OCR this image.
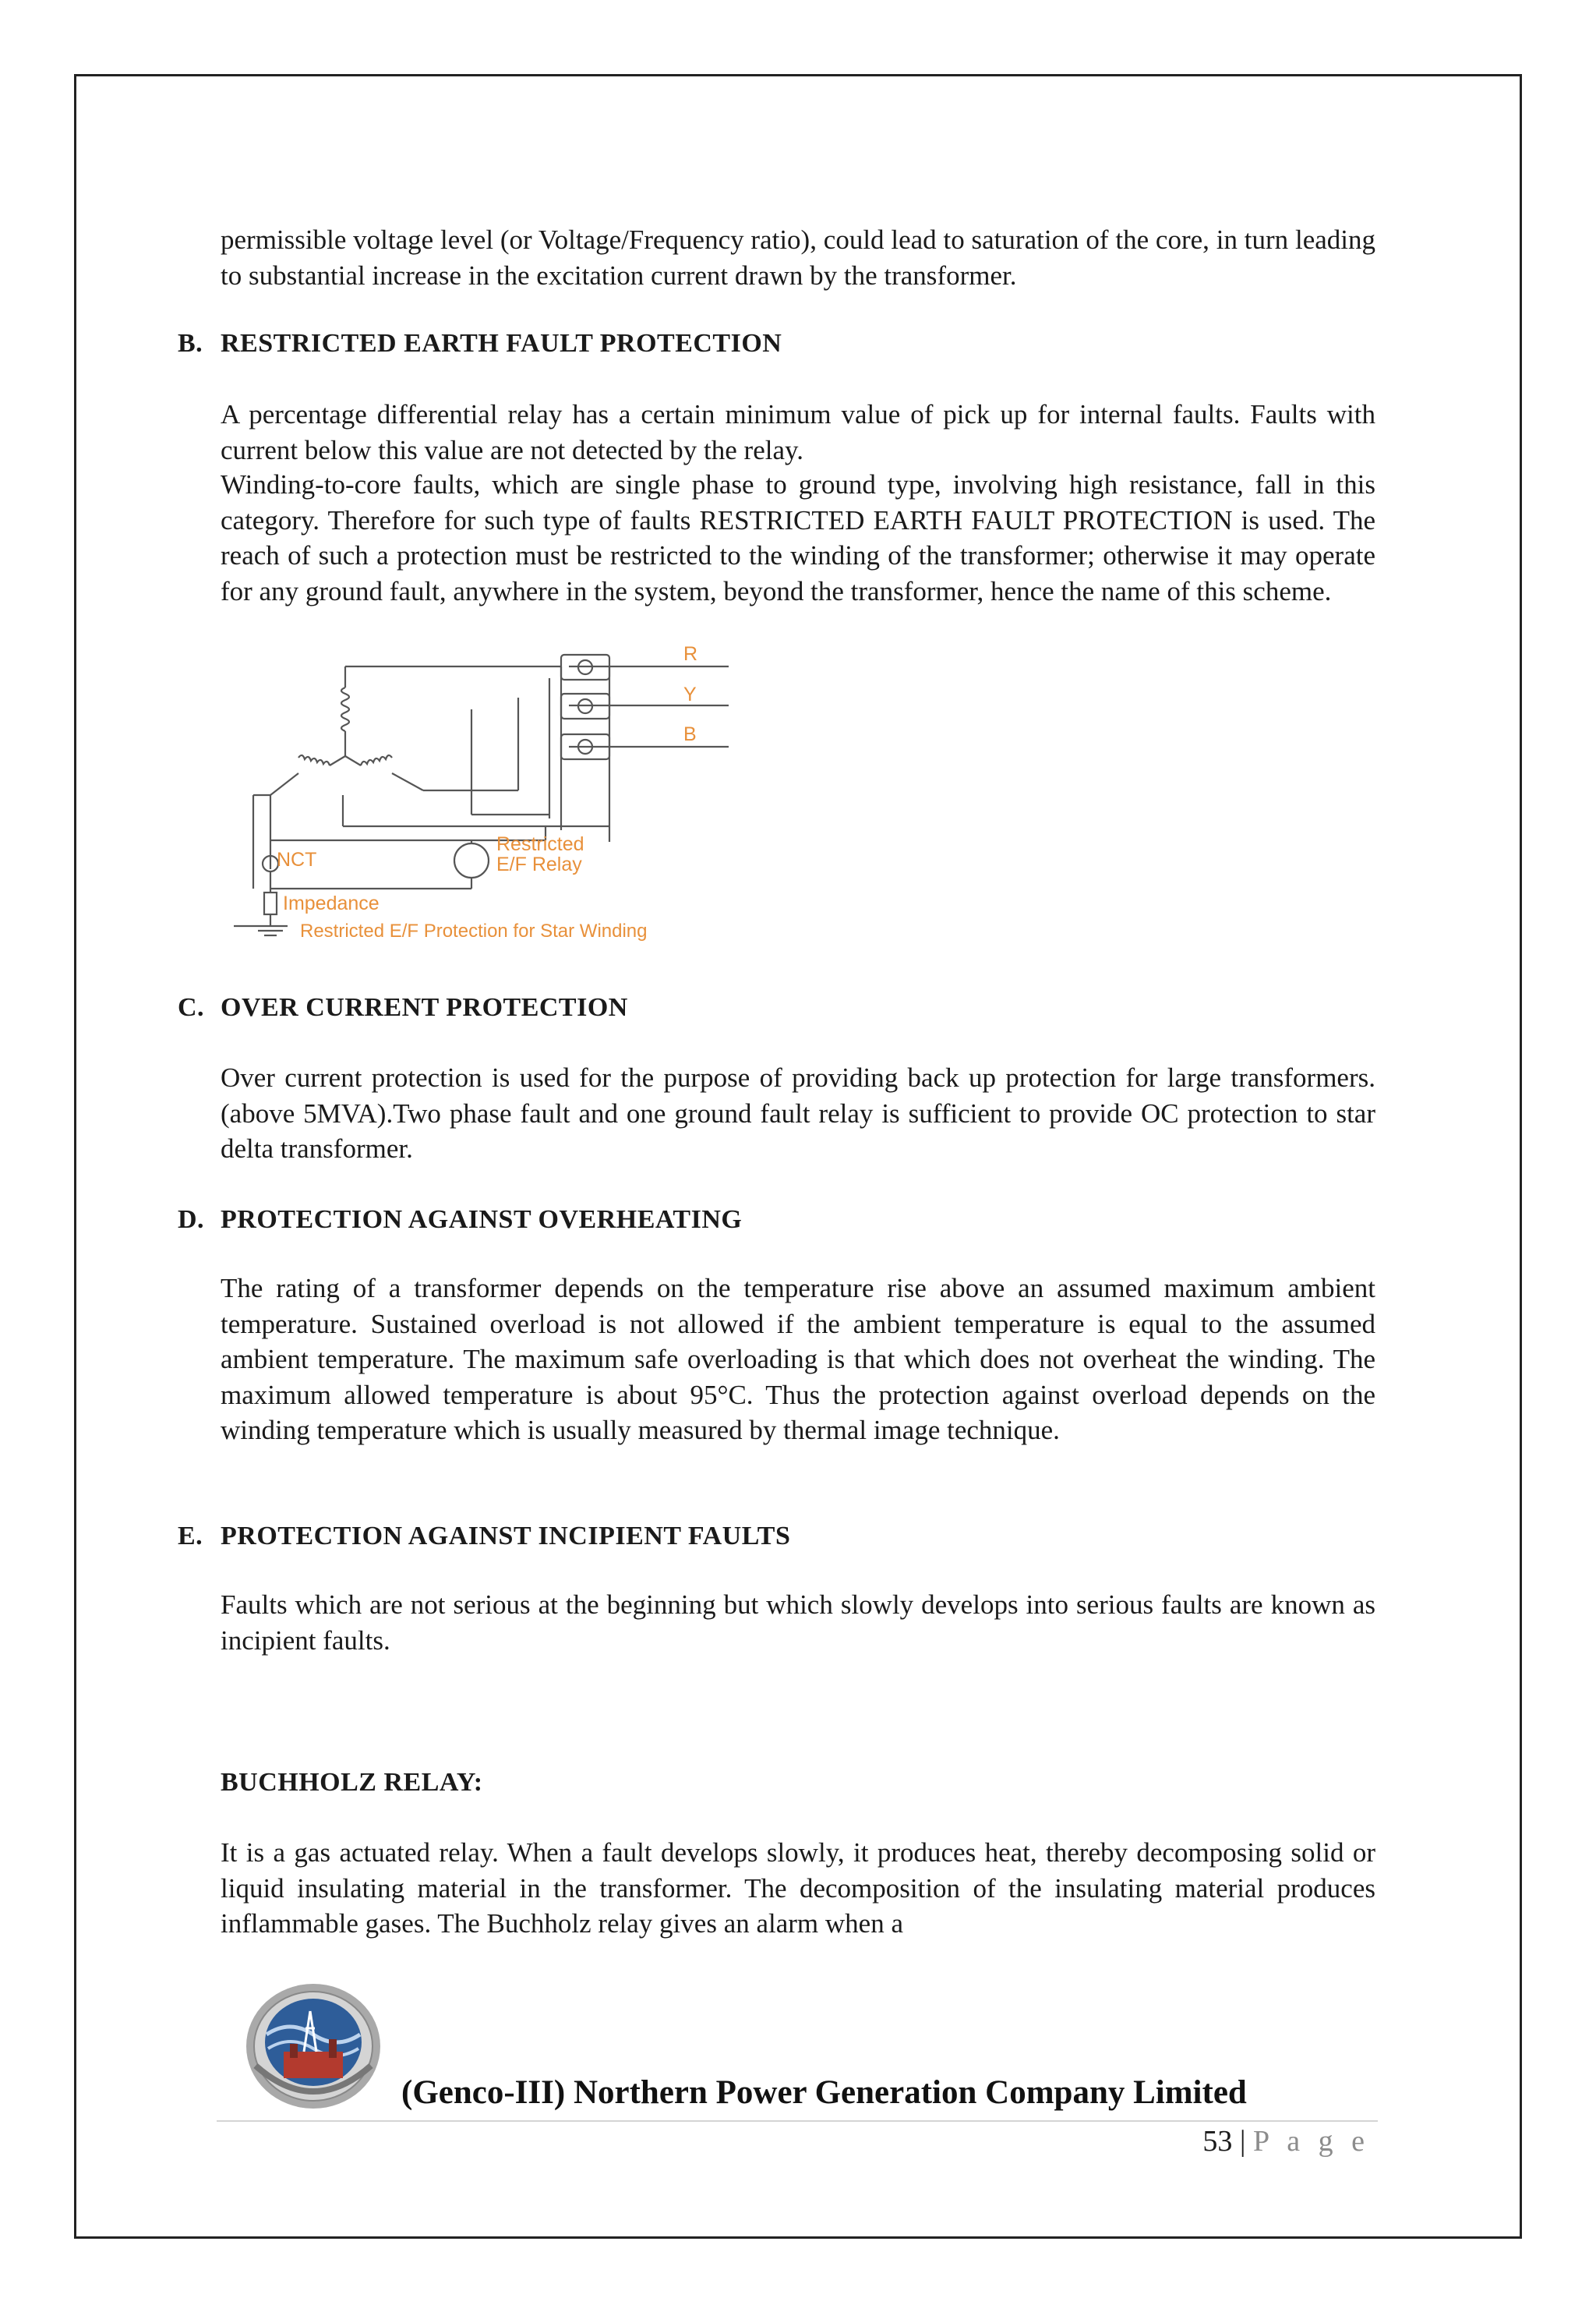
permissible voltage level (or Voltage/Frequency ratio), could lead to saturation of the core, in turn leading to substantial increase in the excitation current drawn by the transformer.

B. RESTRICTED EARTH FAULT PROTECTION

A percentage differential relay has a certain minimum value of pick up for internal faults. Faults with current below this value are not detected by the relay.

Winding-to-core faults, which are single phase to ground type, involving high resistance, fall in this category. Therefore for such type of faults RESTRICTED EARTH FAULT PROTECTION is used. The reach of such a protection must be restricted to the winding of the transformer; otherwise it may operate for any ground fault, anywhere in the system, beyond the transformer, hence the name of this scheme.

R
Y
B
NCT
Restricted
E/F Relay
Impedance
Restricted E/F Protection for Star Winding
C. OVER CURRENT PROTECTION

Over current protection is used for the purpose of providing back up protection for large transformers. (above 5MVA).Two phase fault and one ground fault relay is sufficient to provide OC protection to star delta transformer.

D. PROTECTION AGAINST OVERHEATING

The rating of a transformer depends on the temperature rise above an assumed maximum ambient temperature. Sustained overload is not allowed if the ambient temperature is equal to the assumed ambient temperature. The maximum safe overloading is that which does not overheat the winding. The maximum allowed temperature is about 95°C. Thus the protection against overload depends on the winding temperature which is usually measured by thermal image technique.

E. PROTECTION AGAINST INCIPIENT FAULTS

Faults which are not serious at the beginning but which slowly develops into serious faults are known as incipient faults.

BUCHHOLZ RELAY:

It is a gas actuated relay. When a fault develops slowly, it produces heat, thereby decomposing solid or liquid insulating material in the transformer. The decomposition of the insulating material produces inflammable gases. The Buchholz relay gives an alarm when a

(Genco-III) Northern Power Generation Company Limited
53 | P a g e
